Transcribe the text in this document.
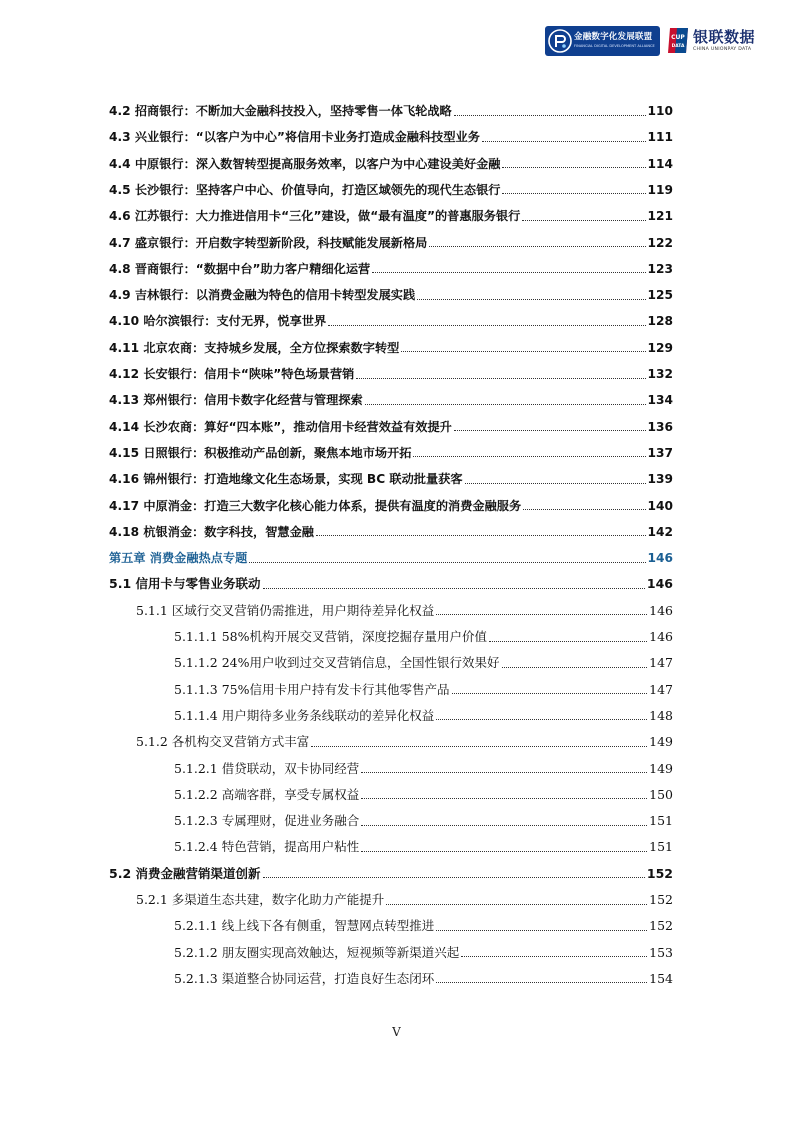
金融数字化发展联盟
FINANCIAL DIGITAL DEVELOPMENT ALLIANCE
CUP
DATA
银联数据
CHINA UNIONPAY DATA
4.2 招商银行：不断加大金融科技投入，坚持零售一体飞轮战略	110
4.3 兴业银行：“以客户为中心”将信用卡业务打造成金融科技型业务	111
4.4 中原银行：深入数智转型提高服务效率，以客户为中心建设美好金融	114
4.5 长沙银行：坚持客户中心、价值导向，打造区域领先的现代生态银行	119
4.6 江苏银行：大力推进信用卡“三化”建设，做“最有温度”的普惠服务银行	121
4.7 盛京银行：开启数字转型新阶段，科技赋能发展新格局	122
4.8 晋商银行：“数据中台”助力客户精细化运营	123
4.9 吉林银行：以消费金融为特色的信用卡转型发展实践	125
4.10 哈尔滨银行：支付无界，悦享世界	128
4.11 北京农商：支持城乡发展，全方位探索数字转型	129
4.12 长安银行：信用卡“陕味”特色场景营销	132
4.13 郑州银行：信用卡数字化经营与管理探索	134
4.14 长沙农商：算好“四本账”，推动信用卡经营效益有效提升	136
4.15 日照银行：积极推动产品创新，聚焦本地市场开拓	137
4.16 锦州银行：打造地缘文化生态场景，实现 BC 联动批量获客	139
4.17 中原消金：打造三大数字化核心能力体系，提供有温度的消费金融服务	140
4.18 杭银消金：数字科技，智慧金融	142
第五章 消费金融热点专题	146
5.1 信用卡与零售业务联动	146
5.1.1 区域行交叉营销仍需推进，用户期待差异化权益	146
5.1.1.1 58%机构开展交叉营销，深度挖掘存量用户价值	146
5.1.1.2 24%用户收到过交叉营销信息，全国性银行效果好	147
5.1.1.3 75%信用卡用户持有发卡行其他零售产品	147
5.1.1.4 用户期待多业务条线联动的差异化权益	148
5.1.2 各机构交叉营销方式丰富	149
5.1.2.1 借贷联动，双卡协同经营	149
5.1.2.2 高端客群，享受专属权益	150
5.1.2.3 专属理财，促进业务融合	151
5.1.2.4 特色营销，提高用户粘性	151
5.2 消费金融营销渠道创新	152
5.2.1 多渠道生态共建，数字化助力产能提升	152
5.2.1.1 线上线下各有侧重，智慧网点转型推进	152
5.2.1.2 朋友圈实现高效触达，短视频等新渠道兴起	153
5.2.1.3 渠道整合协同运营，打造良好生态闭环	154
V
